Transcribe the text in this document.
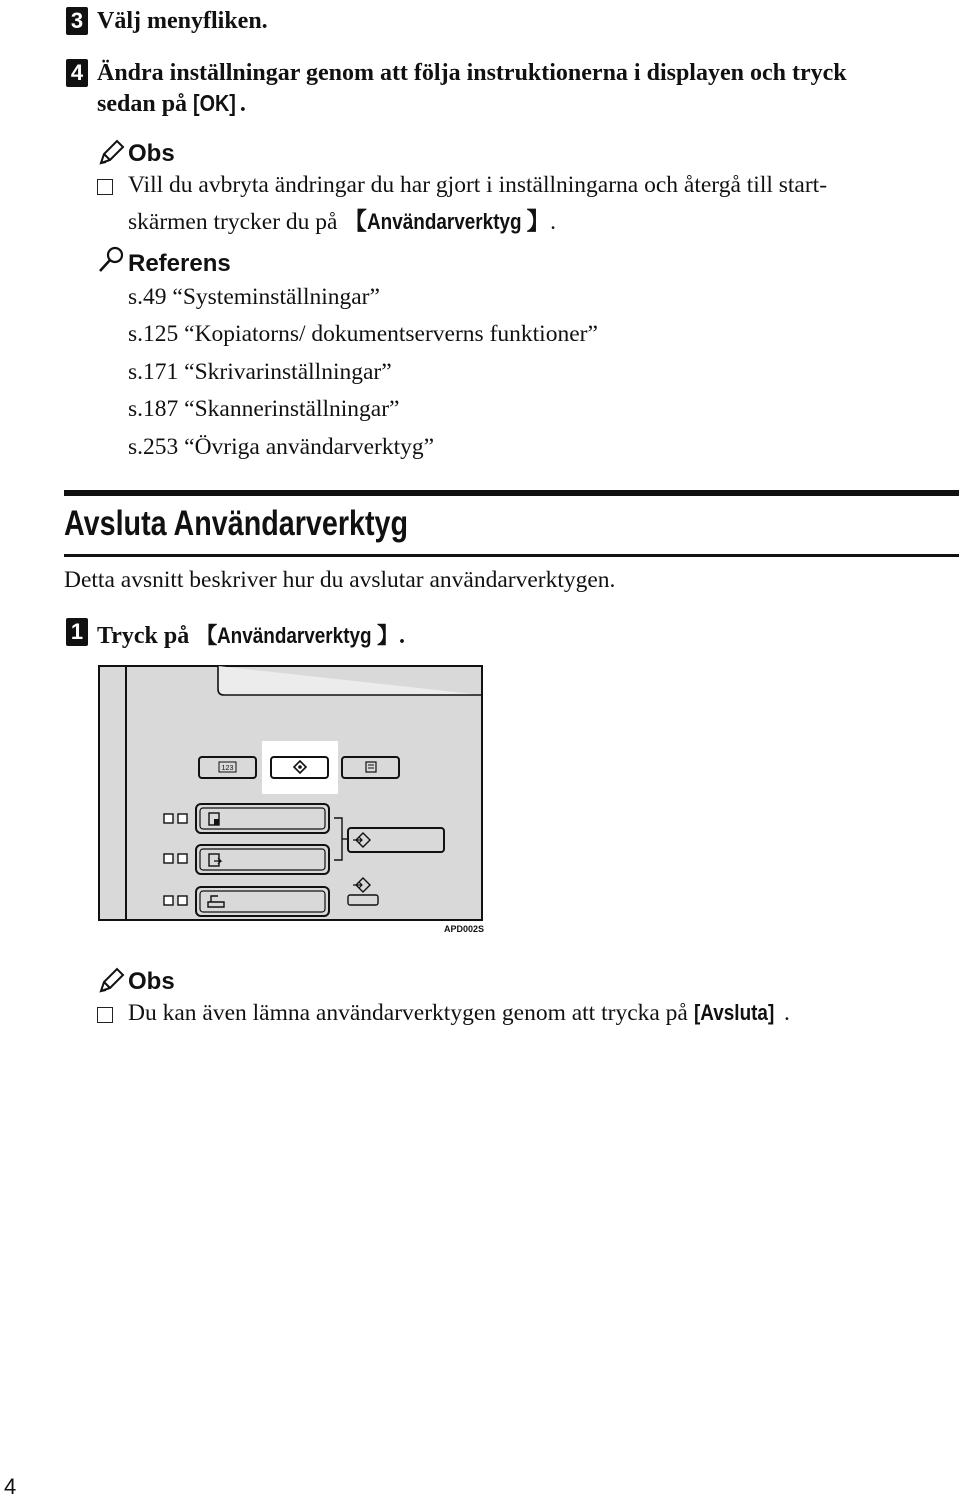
3 Välj menyfliken.
4 Ändra inställningar genom att följa instruktionerna i displayen och tryck
sedan på [OK] .
Obs
Vill du avbryta ändringar du har gjort i inställningarna och återgå till start-
skärmen trycker du på 【Användarverktyg 】.
Referens
s.49 “Systeminställningar”
s.125 “Kopiatorns/ dokumentserverns funktioner”
s.171 “Skrivarinställningar”
s.187 “Skannerinställningar”
s.253 “Övriga användarverktyg”
Avsluta Användarverktyg
Detta avsnitt beskriver hur du avslutar användarverktygen.
1 Tryck på 【Användarverktyg 】.
123
APD002S
Obs
Du kan även lämna användarverktygen genom att trycka på [Avsluta] .
4
